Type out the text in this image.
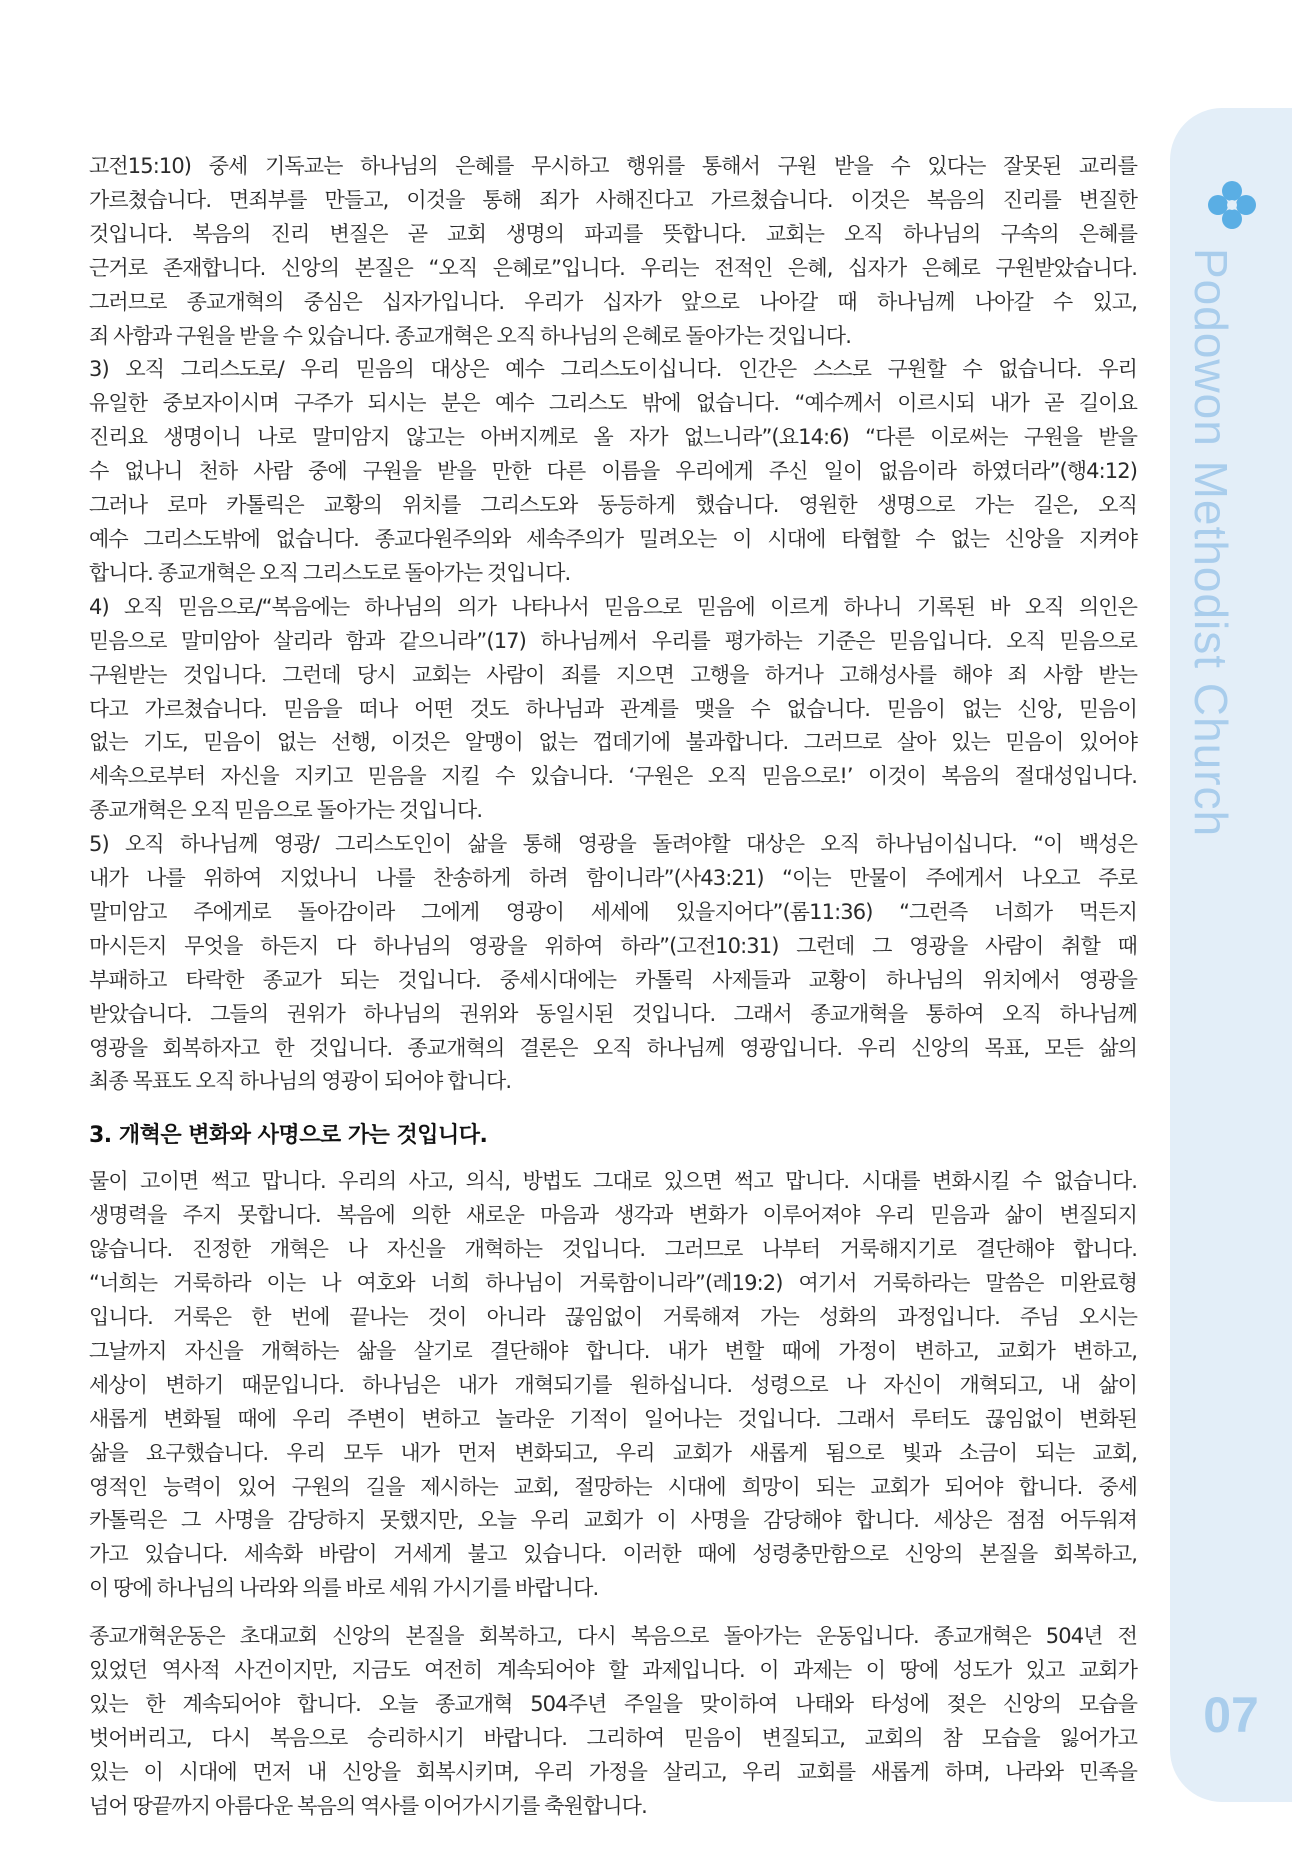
Podowon Methodist Church
07

고전15:10) 중세 기독교는 하나님의 은혜를 무시하고 행위를 통해서 구원 받을 수 있다는 잘못된 교리를

가르쳤습니다. 면죄부를 만들고, 이것을 통해 죄가 사해진다고 가르쳤습니다. 이것은 복음의 진리를 변질한

것입니다. 복음의 진리 변질은 곧 교회 생명의 파괴를 뜻합니다. 교회는 오직 하나님의 구속의 은혜를

근거로 존재합니다. 신앙의 본질은 “오직 은혜로”입니다. 우리는 전적인 은혜, 십자가 은혜로 구원받았습니다.

그러므로 종교개혁의 중심은 십자가입니다. 우리가 십자가 앞으로 나아갈 때 하나님께 나아갈 수 있고,

죄 사함과 구원을 받을 수 있습니다. 종교개혁은 오직 하나님의 은혜로 돌아가는 것입니다.

3) 오직 그리스도로/ 우리 믿음의 대상은 예수 그리스도이십니다. 인간은 스스로 구원할 수 없습니다. 우리

유일한 중보자이시며 구주가 되시는 분은 예수 그리스도 밖에 없습니다. “예수께서 이르시되 내가 곧 길이요

진리요 생명이니 나로 말미암지 않고는 아버지께로 올 자가 없느니라”(요14:6) “다른 이로써는 구원을 받을

수 없나니 천하 사람 중에 구원을 받을 만한 다른 이름을 우리에게 주신 일이 없음이라 하였더라”(행4:12)

그러나 로마 카톨릭은 교황의 위치를 그리스도와 동등하게 했습니다. 영원한 생명으로 가는 길은, 오직

예수 그리스도밖에 없습니다. 종교다원주의와 세속주의가 밀려오는 이 시대에 타협할 수 없는 신앙을 지켜야

합니다. 종교개혁은 오직 그리스도로 돌아가는 것입니다.

4) 오직 믿음으로/“복음에는 하나님의 의가 나타나서 믿음으로 믿음에 이르게 하나니 기록된 바 오직 의인은

믿음으로 말미암아 살리라 함과 같으니라”(17) 하나님께서 우리를 평가하는 기준은 믿음입니다. 오직 믿음으로

구원받는 것입니다. 그런데 당시 교회는 사람이 죄를 지으면 고행을 하거나 고해성사를 해야 죄 사함 받는

다고 가르쳤습니다. 믿음을 떠나 어떤 것도 하나님과 관계를 맺을 수 없습니다. 믿음이 없는 신앙, 믿음이

없는 기도, 믿음이 없는 선행, 이것은 알맹이 없는 껍데기에 불과합니다. 그러므로 살아 있는 믿음이 있어야

세속으로부터 자신을 지키고 믿음을 지킬 수 있습니다. ‘구원은 오직 믿음으로!’ 이것이 복음의 절대성입니다.

종교개혁은 오직 믿음으로 돌아가는 것입니다.

5) 오직 하나님께 영광/ 그리스도인이 삶을 통해 영광을 돌려야할 대상은 오직 하나님이십니다. “이 백성은

내가 나를 위하여 지었나니 나를 찬송하게 하려 함이니라”(사43:21) “이는 만물이 주에게서 나오고 주로

말미암고 주에게로 돌아감이라 그에게 영광이 세세에 있을지어다”(롬11:36) “그런즉 너희가 먹든지

마시든지 무엇을 하든지 다 하나님의 영광을 위하여 하라”(고전10:31) 그런데 그 영광을 사람이 취할 때

부패하고 타락한 종교가 되는 것입니다. 중세시대에는 카톨릭 사제들과 교황이 하나님의 위치에서 영광을

받았습니다. 그들의 권위가 하나님의 권위와 동일시된 것입니다. 그래서 종교개혁을 통하여 오직 하나님께

영광을 회복하자고 한 것입니다. 종교개혁의 결론은 오직 하나님께 영광입니다. 우리 신앙의 목표, 모든 삶의

최종 목표도 오직 하나님의 영광이 되어야 합니다.

3. 개혁은 변화와 사명으로 가는 것입니다.

물이 고이면 썩고 맙니다. 우리의 사고, 의식, 방법도 그대로 있으면 썩고 맙니다. 시대를 변화시킬 수 없습니다.

생명력을 주지 못합니다. 복음에 의한 새로운 마음과 생각과 변화가 이루어져야 우리 믿음과 삶이 변질되지

않습니다. 진정한 개혁은 나 자신을 개혁하는 것입니다. 그러므로 나부터 거룩해지기로 결단해야 합니다.

“너희는 거룩하라 이는 나 여호와 너희 하나님이 거룩함이니라”(레19:2) 여기서 거룩하라는 말씀은 미완료형

입니다. 거룩은 한 번에 끝나는 것이 아니라 끊임없이 거룩해져 가는 성화의 과정입니다. 주님 오시는

그날까지 자신을 개혁하는 삶을 살기로 결단해야 합니다. 내가 변할 때에 가정이 변하고, 교회가 변하고,

세상이 변하기 때문입니다. 하나님은 내가 개혁되기를 원하십니다. 성령으로 나 자신이 개혁되고, 내 삶이

새롭게 변화될 때에 우리 주변이 변하고 놀라운 기적이 일어나는 것입니다. 그래서 루터도 끊임없이 변화된

삶을 요구했습니다. 우리 모두 내가 먼저 변화되고, 우리 교회가 새롭게 됨으로 빛과 소금이 되는 교회,

영적인 능력이 있어 구원의 길을 제시하는 교회, 절망하는 시대에 희망이 되는 교회가 되어야 합니다. 중세

카톨릭은 그 사명을 감당하지 못했지만, 오늘 우리 교회가 이 사명을 감당해야 합니다. 세상은 점점 어두워져

가고 있습니다. 세속화 바람이 거세게 불고 있습니다. 이러한 때에 성령충만함으로 신앙의 본질을 회복하고,

이 땅에 하나님의 나라와 의를 바로 세워 가시기를 바랍니다.

종교개혁운동은 초대교회 신앙의 본질을 회복하고, 다시 복음으로 돌아가는 운동입니다. 종교개혁은 504년 전

있었던 역사적 사건이지만, 지금도 여전히 계속되어야 할 과제입니다. 이 과제는 이 땅에 성도가 있고 교회가

있는 한 계속되어야 합니다. 오늘 종교개혁 504주년 주일을 맞이하여 나태와 타성에 젖은 신앙의 모습을

벗어버리고, 다시 복음으로 승리하시기 바랍니다. 그리하여 믿음이 변질되고, 교회의 참 모습을 잃어가고

있는 이 시대에 먼저 내 신앙을 회복시키며, 우리 가정을 살리고, 우리 교회를 새롭게 하며, 나라와 민족을

넘어 땅끝까지 아름다운 복음의 역사를 이어가시기를 축원합니다.
